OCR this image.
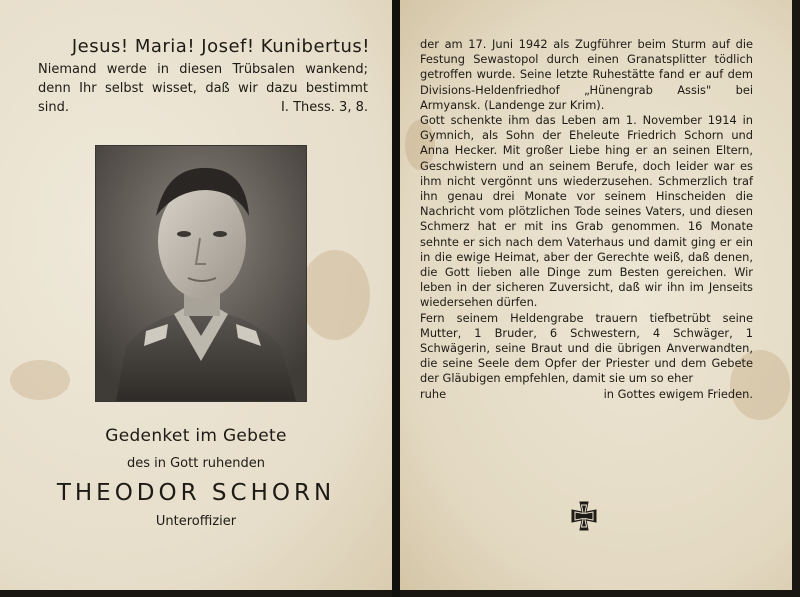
Jesus! Maria! Josef! Kunibertus!

Niemand werde in diesen Trübsalen wankend; denn Ihr selbst wisset, daß wir dazu bestimmt sind.	I. Thess. 3, 8.

Gedenket im Gebete

des in Gott ruhenden

THEODOR SCHORN

Unteroffizier

der am 17. Juni 1942 als Zugführer beim Sturm auf die Festung Sewastopol durch einen Granatsplitter tödlich getroffen wurde. Seine letzte Ruhestätte fand er auf dem Divisions-Heldenfriedhof „Hünengrab Assis" bei Armyansk. (Landenge zur Krim).

Gott schenkte ihm das Leben am 1. November 1914 in Gymnich, als Sohn der Eheleute Friedrich Schorn und Anna Hecker. Mit großer Liebe hing er an seinen Eltern, Geschwistern und an seinem Berufe, doch leider war es ihm nicht vergönnt uns wiederzusehen. Schmerzlich traf ihn genau drei Monate vor seinem Hinscheiden die Nachricht vom plötzlichen Tode seines Vaters, und diesen Schmerz hat er mit ins Grab genommen. 16 Monate sehnte er sich nach dem Vaterhaus und damit ging er ein in die ewige Heimat, aber der Gerechte weiß, daß denen, die Gott lieben alle Dinge zum Besten gereichen. Wir leben in der sicheren Zuversicht, daß wir ihn im Jenseits wiedersehen dürfen.

Fern seinem Heldengrabe trauern tiefbetrübt seine Mutter, 1 Bruder, 6 Schwestern, 4 Schwäger, 1 Schwägerin, seine Braut und die übrigen Anverwandten, die seine Seele dem Opfer der Priester und dem Gebete der Gläubigen empfehlen, damit sie um so eher

ruhe	in Gottes ewigem Frieden.
